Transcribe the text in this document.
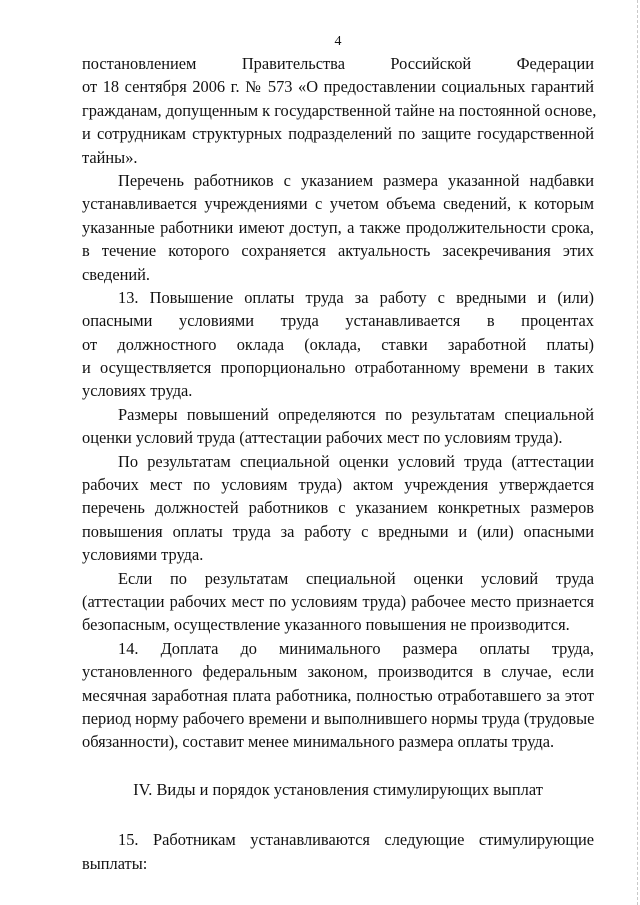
4
постановлением Правительства Российской Федерации
от 18 сентября 2006 г. № 573 «О предоставлении социальных гарантий
гражданам, допущенным к государственной тайне на постоянной основе,
и сотрудникам структурных подразделений по защите государственной
тайны».
Перечень работников с указанием размера указанной надбавки
устанавливается учреждениями с учетом объема сведений, к которым
указанные работники имеют доступ, а также продолжительности срока,
в течение которого сохраняется актуальность засекречивания этих
сведений.
13. Повышение оплаты труда за работу с вредными и (или)
опасными условиями труда устанавливается в процентах
от должностного оклада (оклада, ставки заработной платы)
и осуществляется пропорционально отработанному времени в таких
условиях труда.
Размеры повышений определяются по результатам специальной
оценки условий труда (аттестации рабочих мест по условиям труда).
По результатам специальной оценки условий труда (аттестации
рабочих мест по условиям труда) актом учреждения утверждается
перечень должностей работников с указанием конкретных размеров
повышения оплаты труда за работу с вредными и (или) опасными
условиями труда.
Если по результатам специальной оценки условий труда
(аттестации рабочих мест по условиям труда) рабочее место признается
безопасным, осуществление указанного повышения не производится.
14. Доплата до минимального размера оплаты труда,
установленного федеральным законом, производится в случае, если
месячная заработная плата работника, полностью отработавшего за этот
период норму рабочего времени и выполнившего нормы труда (трудовые
обязанности), составит менее минимального размера оплаты труда.
IV. Виды и порядок установления стимулирующих выплат
15. Работникам устанавливаются следующие стимулирующие
выплаты:
